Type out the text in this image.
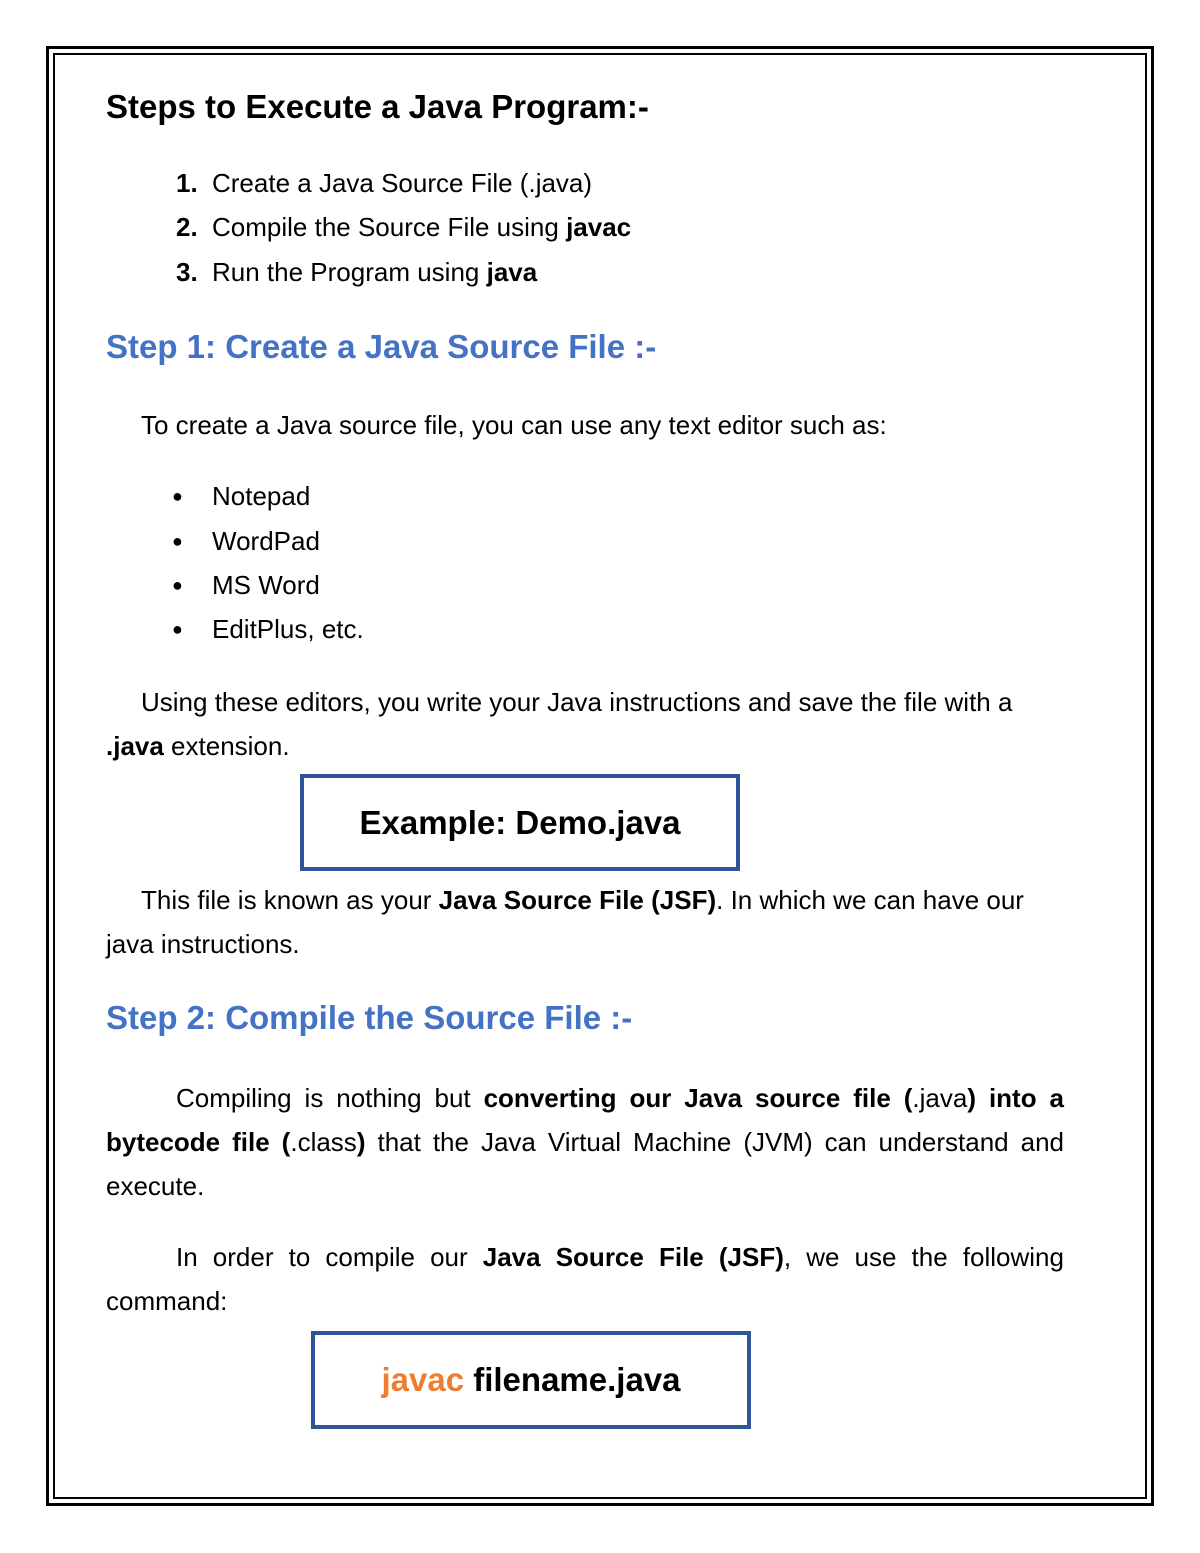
Steps to Execute a Java Program:-
1. Create a Java Source File (.java)
2. Compile the Source File using javac
3. Run the Program using java
Step 1: Create a Java Source File :-
To create a Java source file, you can use any text editor such as:
● Notepad
● WordPad
● MS Word
● EditPlus, etc.
Using these editors, you write your Java instructions and save the file with a .java extension.
Example: Demo.java
This file is known as your Java Source File (JSF). In which we can have our java instructions.
Step 2: Compile the Source File :-
Compiling is nothing but converting our Java source file (.java) into a bytecode file (.class) that the Java Virtual Machine (JVM) can understand and execute.
In order to compile our Java Source File (JSF), we use the following command:
javac filename.java
